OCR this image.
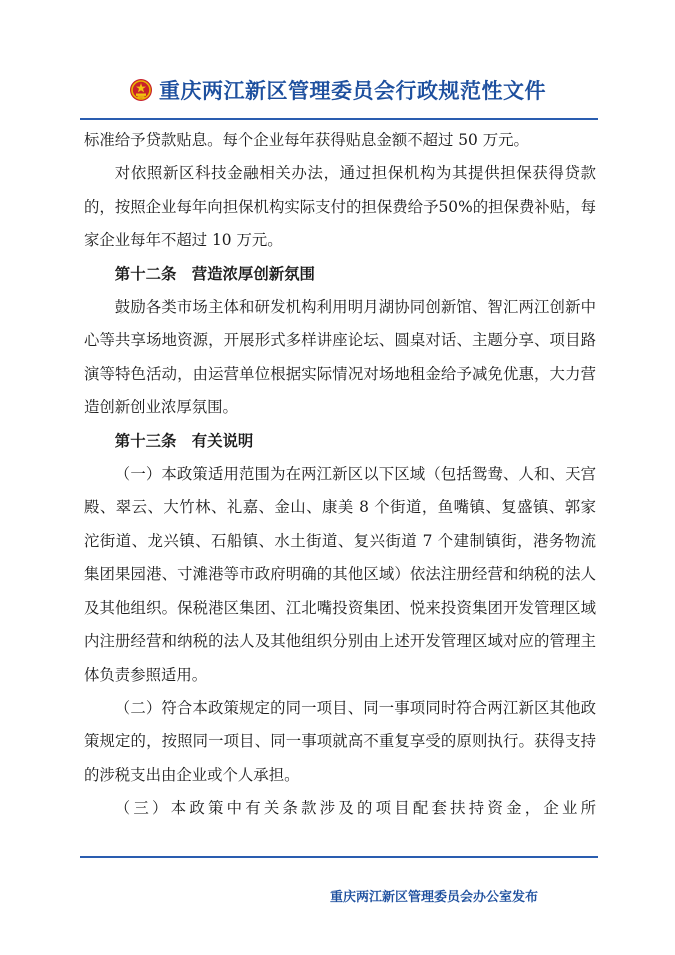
重庆两江新区管理委员会行政规范性文件

标准给予贷款贴息。每个企业每年获得贴息金额不超过 50 万元。

对依照新区科技金融相关办法，通过担保机构为其提供担保获得贷款的，按照企业每年向担保机构实际支付的担保费给予50%的担保费补贴，每家企业每年不超过 10 万元。

第十二条　营造浓厚创新氛围

鼓励各类市场主体和研发机构利用明月湖协同创新馆、智汇两江创新中心等共享场地资源，开展形式多样讲座论坛、圆桌对话、主题分享、项目路演等特色活动，由运营单位根据实际情况对场地租金给予减免优惠，大力营造创新创业浓厚氛围。

第十三条　有关说明

（一）本政策适用范围为在两江新区以下区域（包括鸳鸯、人和、天宫殿、翠云、大竹林、礼嘉、金山、康美 8 个街道，鱼嘴镇、复盛镇、郭家沱街道、龙兴镇、石船镇、水土街道、复兴街道 7 个建制镇街，港务物流集团果园港、寸滩港等市政府明确的其他区域）依法注册经营和纳税的法人及其他组织。保税港区集团、江北嘴投资集团、悦来投资集团开发管理区域内注册经营和纳税的法人及其他组织分别由上述开发管理区域对应的管理主体负责参照适用。

（二）符合本政策规定的同一项目、同一事项同时符合两江新区其他政策规定的，按照同一项目、同一事项就高不重复享受的原则执行。获得支持的涉税支出由企业或个人承担。

（三）本政策中有关条款涉及的项目配套扶持资金，企业所

重庆两江新区管理委员会办公室发布
